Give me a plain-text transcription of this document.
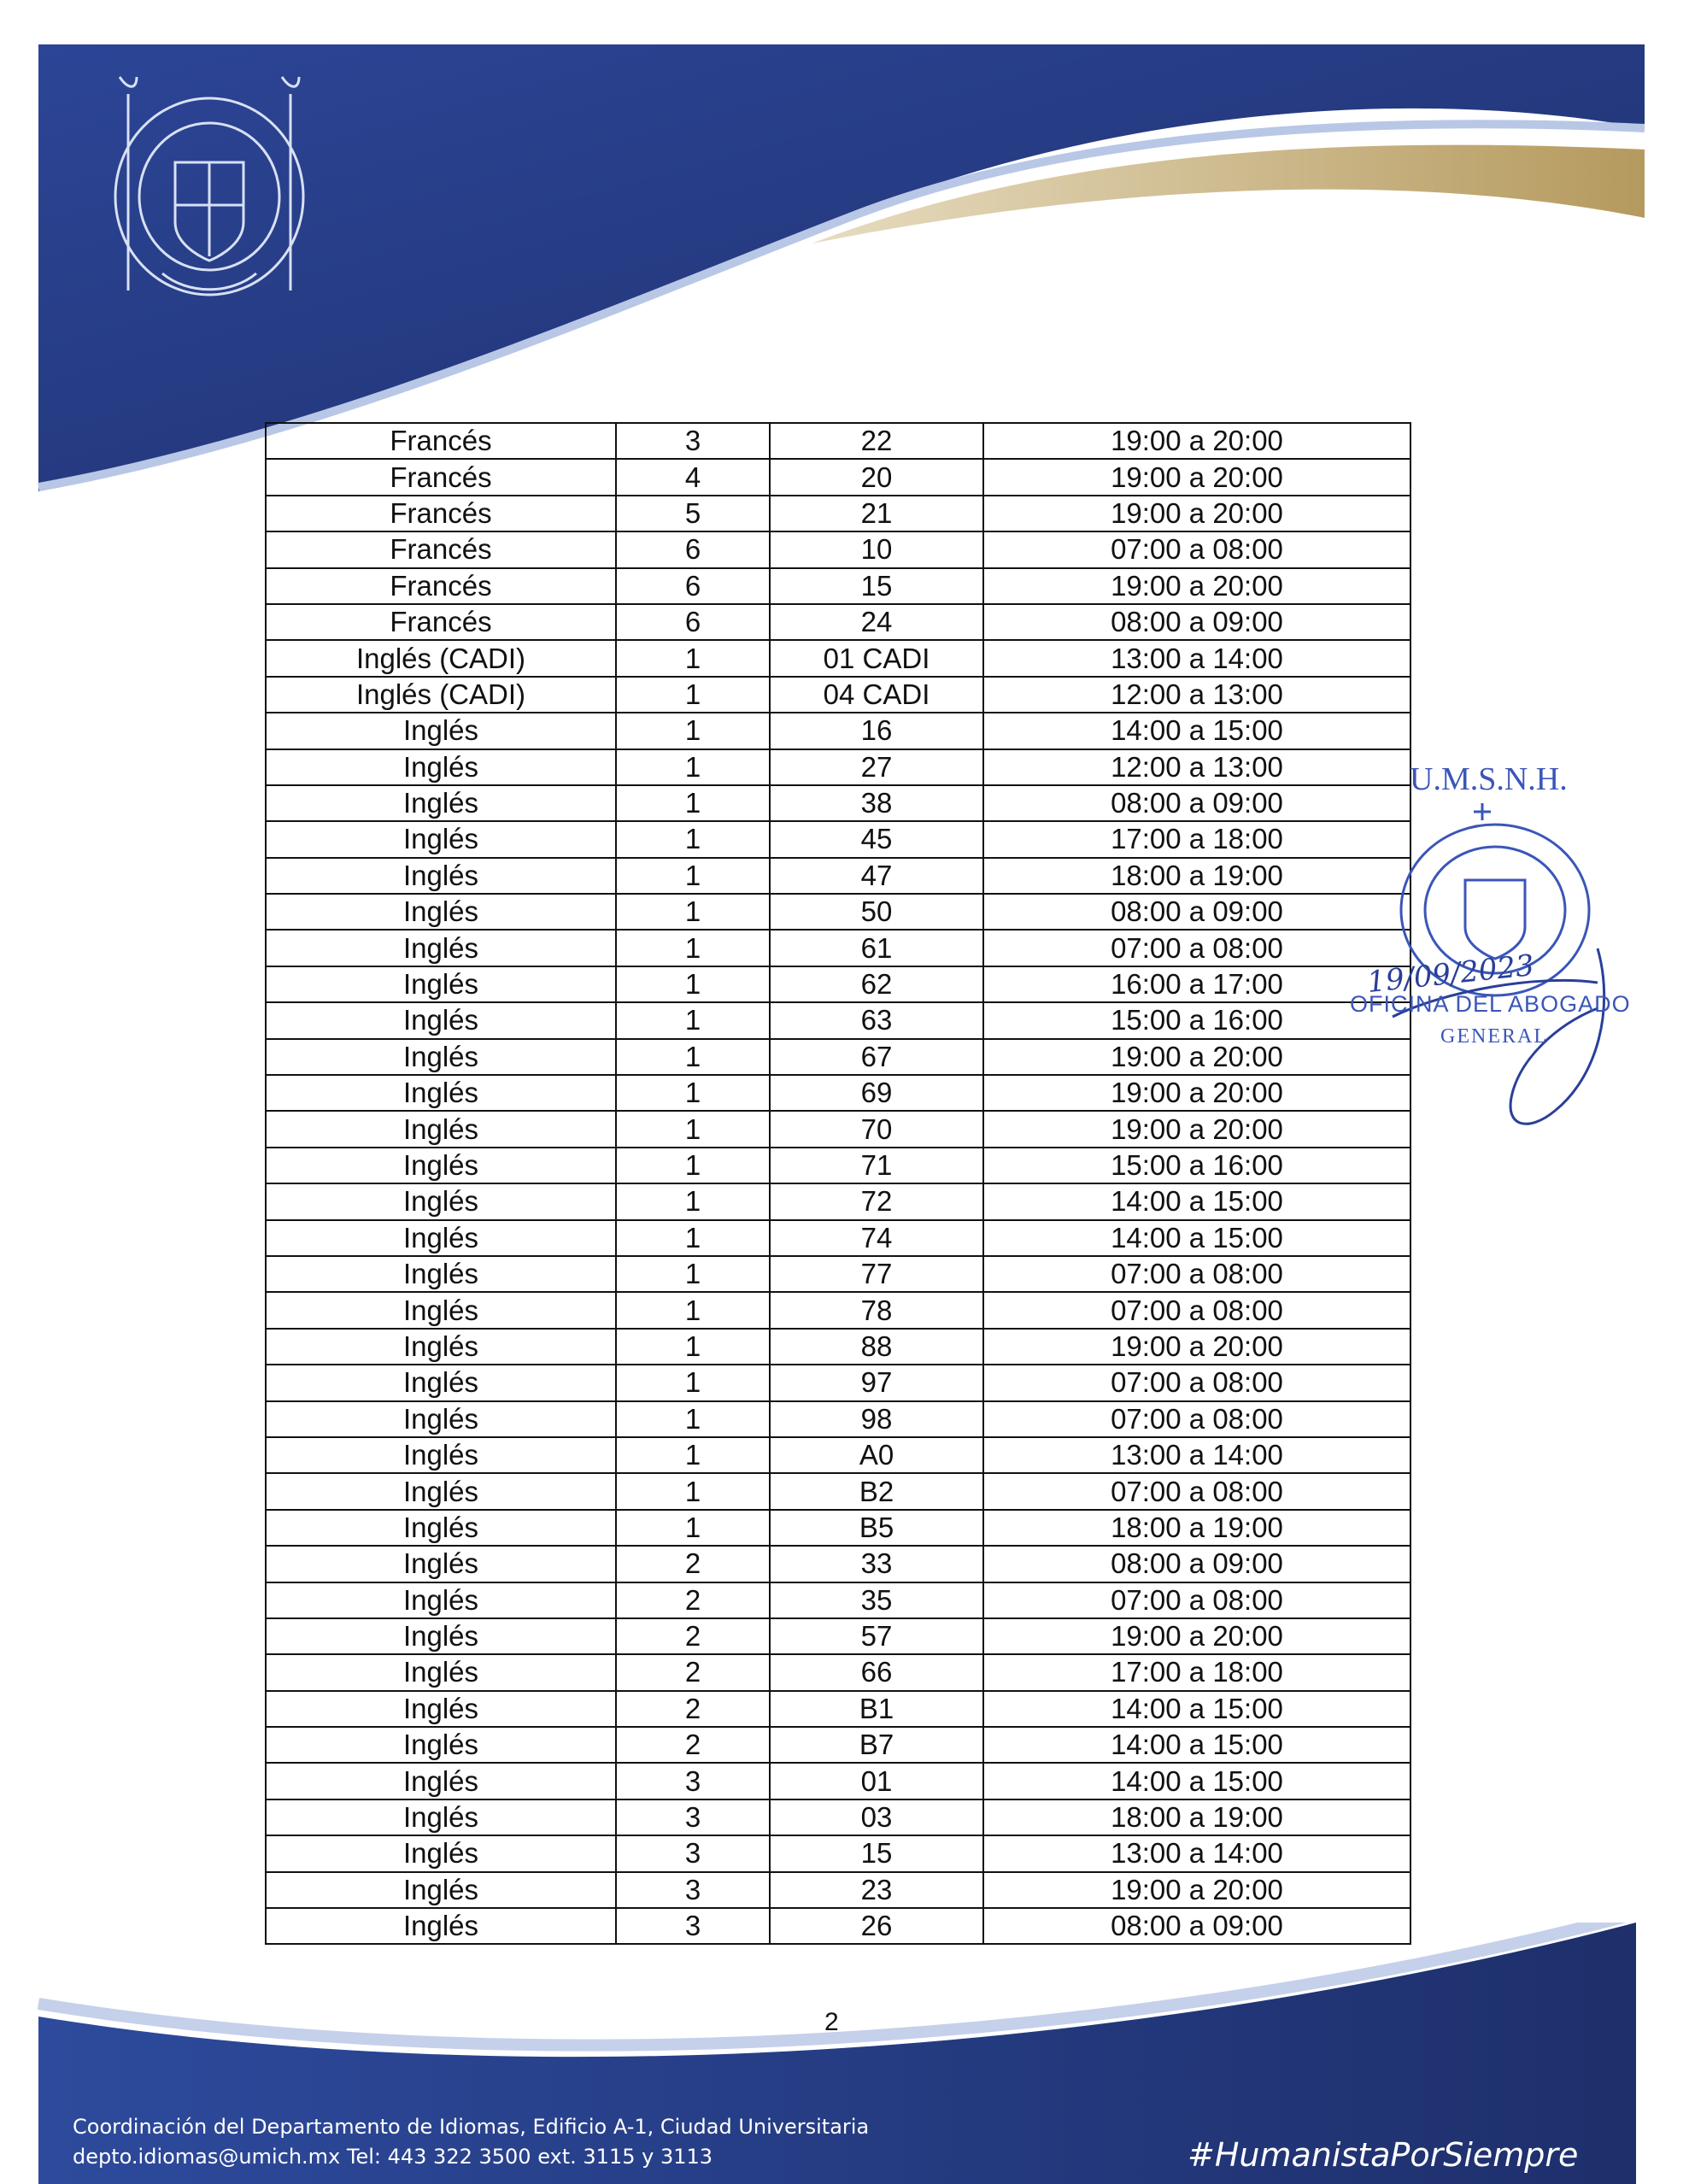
Francés	3	22	19:00 a 20:00
Francés	4	20	19:00 a 20:00
Francés	5	21	19:00 a 20:00
Francés	6	10	07:00 a 08:00
Francés	6	15	19:00 a 20:00
Francés	6	24	08:00 a 09:00
Inglés (CADI)	1	01 CADI	13:00 a 14:00
Inglés (CADI)	1	04 CADI	12:00 a 13:00
Inglés	1	16	14:00 a 15:00
Inglés	1	27	12:00 a 13:00
Inglés	1	38	08:00 a 09:00
Inglés	1	45	17:00 a 18:00
Inglés	1	47	18:00 a 19:00
Inglés	1	50	08:00 a 09:00
Inglés	1	61	07:00 a 08:00
Inglés	1	62	16:00 a 17:00
Inglés	1	63	15:00 a 16:00
Inglés	1	67	19:00 a 20:00
Inglés	1	69	19:00 a 20:00
Inglés	1	70	19:00 a 20:00
Inglés	1	71	15:00 a 16:00
Inglés	1	72	14:00 a 15:00
Inglés	1	74	14:00 a 15:00
Inglés	1	77	07:00 a 08:00
Inglés	1	78	07:00 a 08:00
Inglés	1	88	19:00 a 20:00
Inglés	1	97	07:00 a 08:00
Inglés	1	98	07:00 a 08:00
Inglés	1	A0	13:00 a 14:00
Inglés	1	B2	07:00 a 08:00
Inglés	1	B5	18:00 a 19:00
Inglés	2	33	08:00 a 09:00
Inglés	2	35	07:00 a 08:00
Inglés	2	57	19:00 a 20:00
Inglés	2	66	17:00 a 18:00
Inglés	2	B1	14:00 a 15:00
Inglés	2	B7	14:00 a 15:00
Inglés	3	01	14:00 a 15:00
Inglés	3	03	18:00 a 19:00
Inglés	3	15	13:00 a 14:00
Inglés	3	23	19:00 a 20:00
Inglés	3	26	08:00 a 09:00
U.M.S.N.H.
19/09/2023
OFICINA DEL ABOGADO
GENERAL
2
Coordinación del Departamento de Idiomas, Edificio A-1, Ciudad Universitaria
depto.idiomas@umich.mx Tel: 443 322 3500 ext. 3115 y 3113	#HumanistaPorSiempre
